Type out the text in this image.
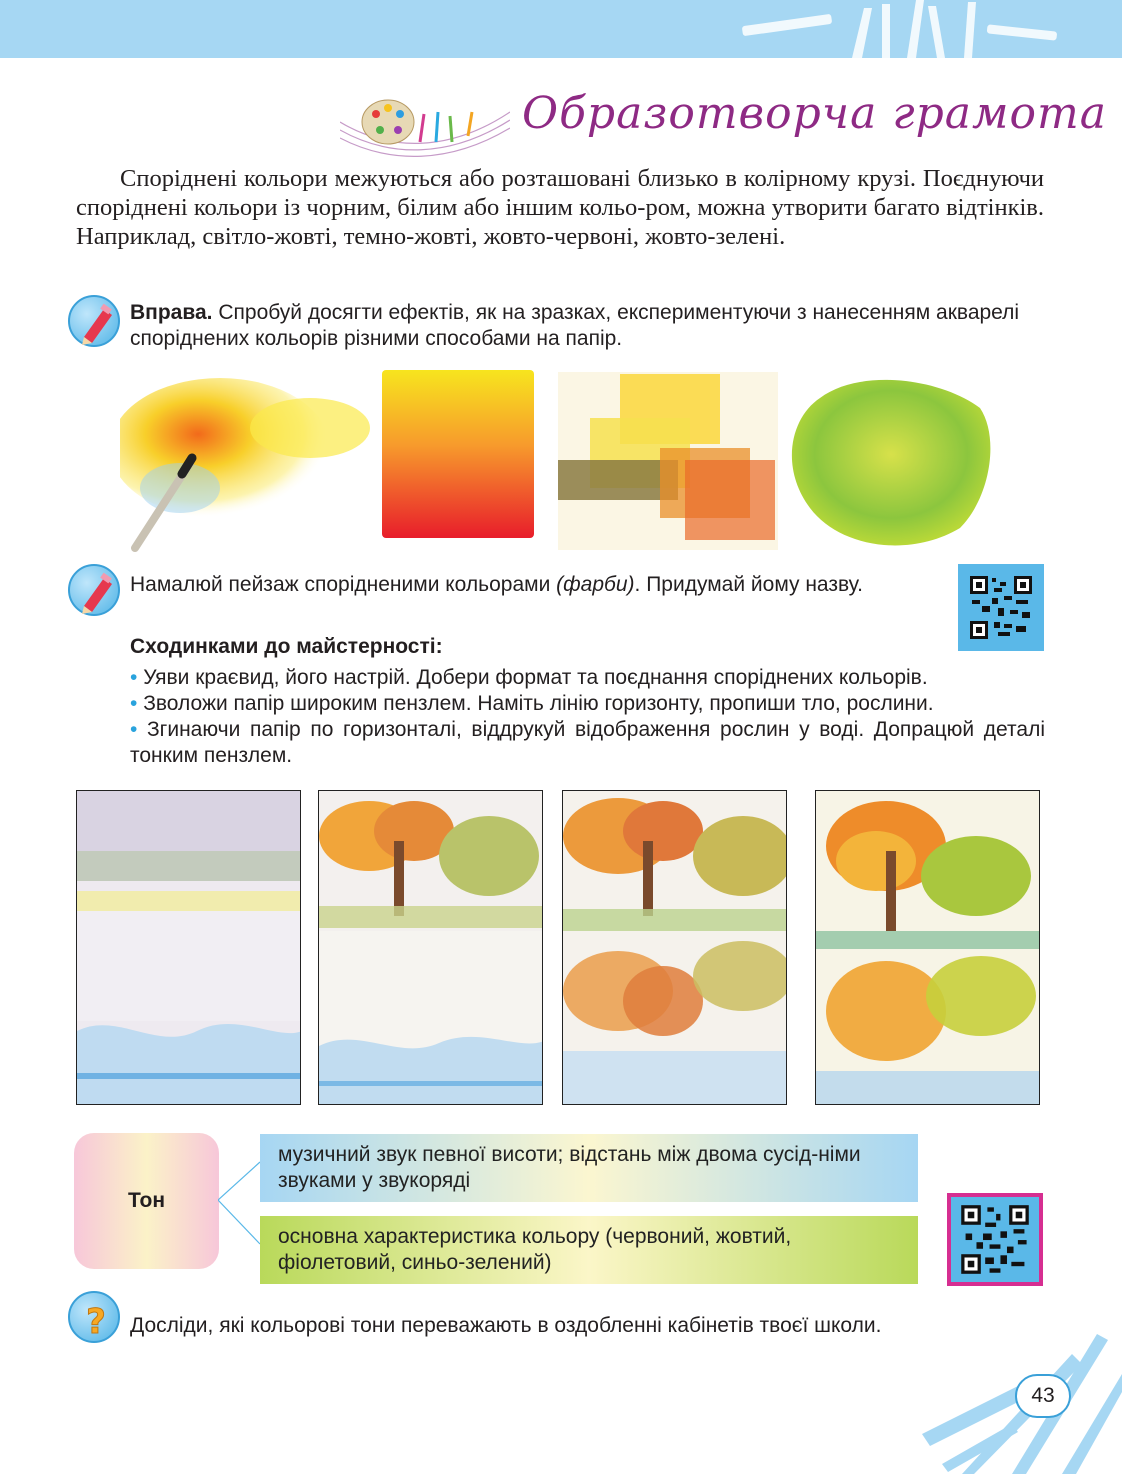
Образотворча грамота

Споріднені кольори межуються або розташовані близько в колірному крузі. Поєднуючи споріднені кольори із чорним, білим або іншим кольо-ром, можна утворити багато відтінків. Наприклад, світло-жовті, темно-жовті, жовто-червоні, жовто-зелені.

Вправа. Спробуй досягти ефектів, як на зразках, експериментуючи з нанесенням акварелі споріднених кольорів різними способами на папір.
Намалюй пейзаж спорідненими кольорами (фарби). Придумай йому назву.
Сходинками до майстерності:
• Уяви краєвид, його настрій. Добери формат та поєднання споріднених кольорів.
• Зволожи папір широким пензлем. Наміть лінію горизонту, пропиши тло, рослини.
• Згинаючи папір по горизонталі, віддрукуй відображення рослин у воді. Допрацюй деталі тонким пензлем.
Тон
музичний звук певної висоти; відстань між двома сусід-німи звуками у звукоряді
основна характеристика кольору (червоний, жовтий, фіолетовий, синьо-зелений)
? Досліди, які кольорові тони переважають в оздобленні кабінетів твоєї школи.
43
